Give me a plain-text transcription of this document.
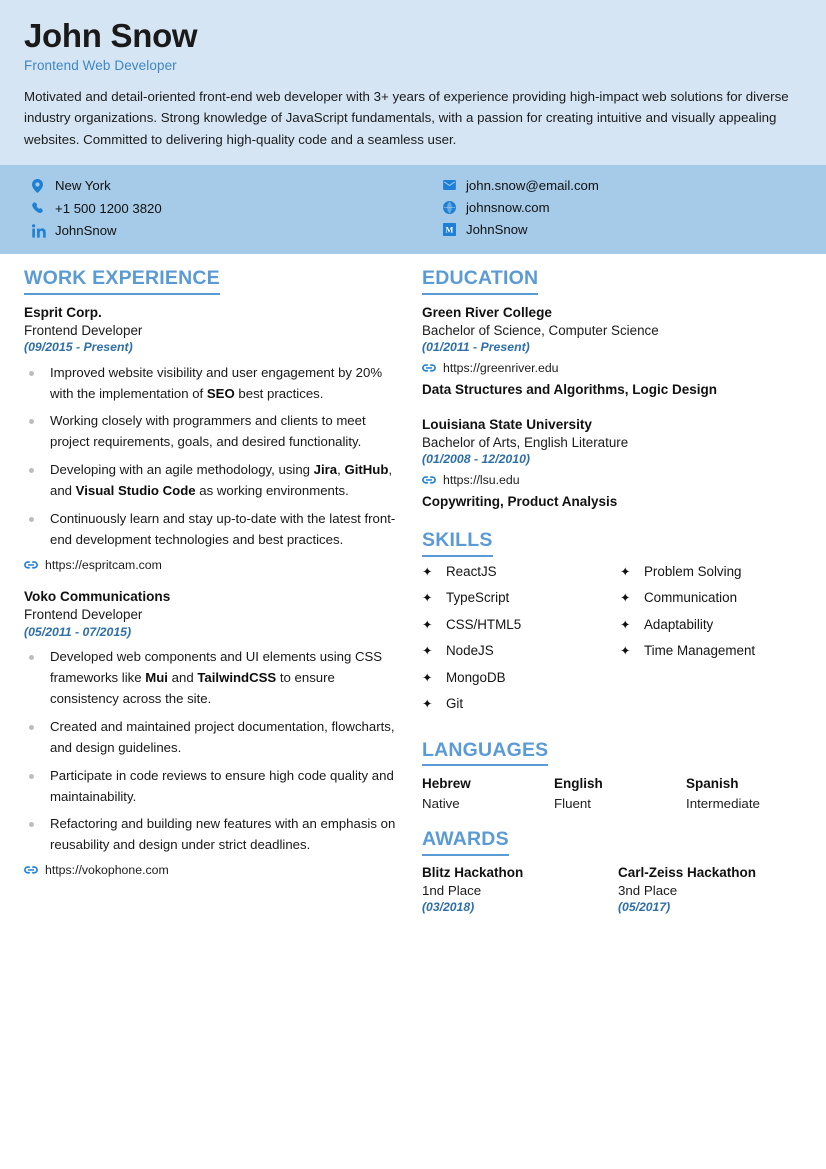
John Snow
Frontend Web Developer

Motivated and detail-oriented front-end web developer with 3+ years of experience providing high-impact web solutions for diverse industry organizations. Strong knowledge of JavaScript fundamentals, with a passion for creating intuitive and visually appealing websites. Committed to delivering high-quality code and a seamless user.

New York
+1 500 1200 3820
JohnSnow
john.snow@email.com
johnsnow.com
M JohnSnow
WORK EXPERIENCE
Esprit Corp.
Frontend Developer
(09/2015 - Present)
Improved website visibility and user engagement by 20% with the implementation of SEO best practices.
Working closely with programmers and clients to meet project requirements, goals, and desired functionality.
Developing with an agile methodology, using Jira, GitHub, and Visual Studio Code as working environments.
Continuously learn and stay up-to-date with the latest front-end development technologies and best practices.
https://espritcam.com
Voko Communications
Frontend Developer
(05/2011 - 07/2015)
Developed web components and UI elements using CSS frameworks like Mui and TailwindCSS to ensure consistency across the site.
Created and maintained project documentation, flowcharts, and design guidelines.
Participate in code reviews to ensure high code quality and maintainability.
Refactoring and building new features with an emphasis on reusability and design under strict deadlines.
https://vokophone.com
EDUCATION
Green River College
Bachelor of Science, Computer Science
(01/2011 - Present)
https://greenriver.edu
Data Structures and Algorithms, Logic Design
Louisiana State University
Bachelor of Arts, English Literature
(01/2008 - 12/2010)
https://lsu.edu
Copywriting, Product Analysis
SKILLS
✦	ReactJS
✦	TypeScript
✦	CSS/HTML5
✦	NodeJS
✦	MongoDB
✦	Git
✦	Problem Solving
✦	Communication
✦	Adaptability
✦	Time Management
LANGUAGES
Hebrew
Native
English
Fluent
Spanish
Intermediate
AWARDS
Blitz Hackathon
1nd Place
(03/2018)
Carl-Zeiss Hackathon
3nd Place
(05/2017)
